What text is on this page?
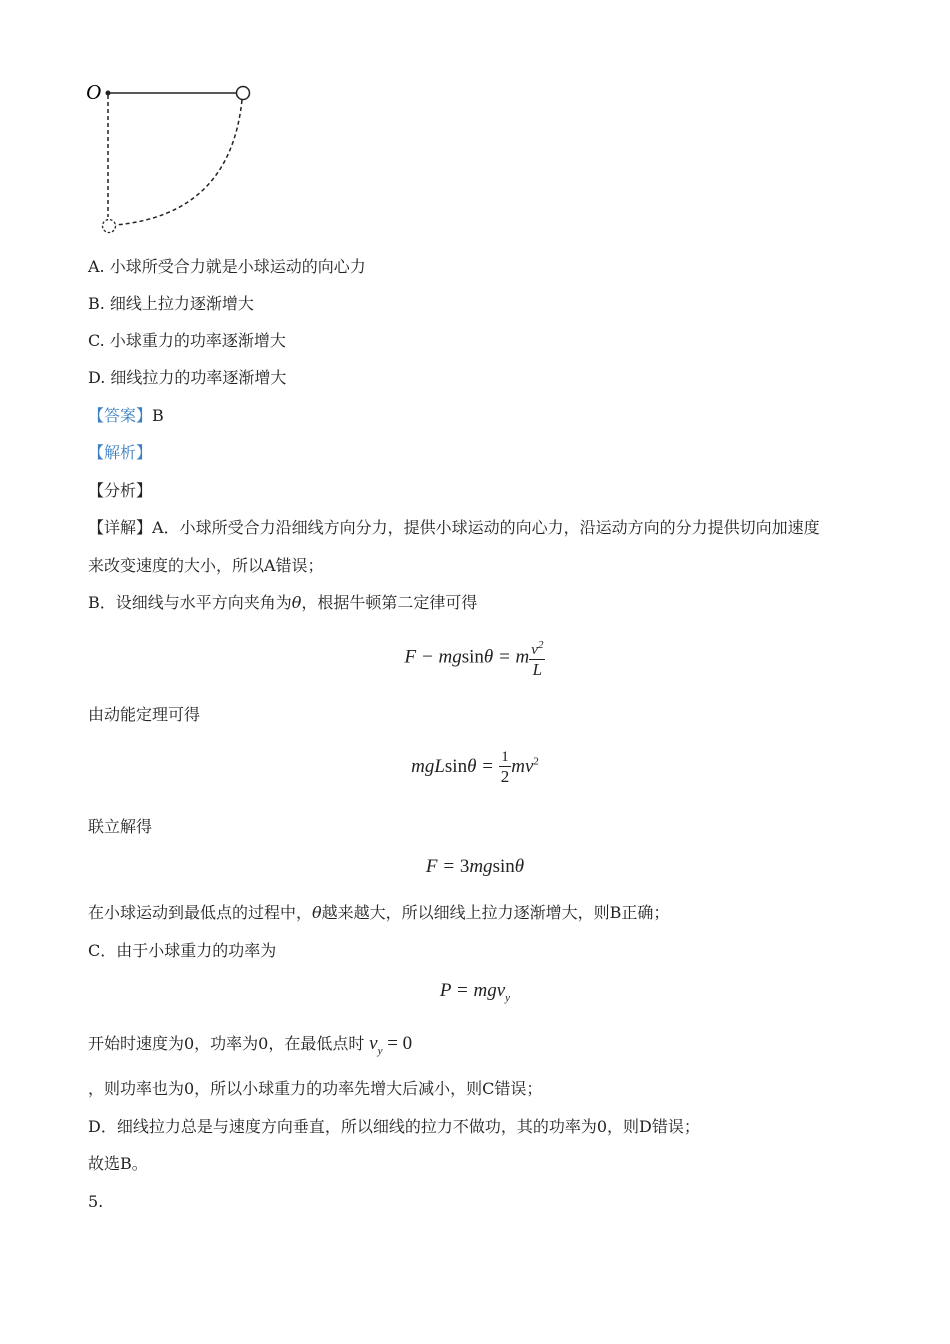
O
A. 小球所受合力就是小球运动的向心力
B. 细线上拉力逐渐增大
C. 小球重力的功率逐渐增大
D. 细线拉力的功率逐渐增大
【答案】B
【解析】
【分析】
【详解】A．小球所受合力沿细线方向分力，提供小球运动的向心力，沿运动方向的分力提供切向加速度
来改变速度的大小，所以A错误；
B．设细线与水平方向夹角为θ，根据牛顿第二定律可得
F − mgsinθ = m $\frac{v^2}{L}$
由动能定理可得
$mgLsin\theta = \frac{1}{2} mv^2$
联立解得
F = 3mgsinθ
在小球运动到最低点的过程中，θ越来越大，所以细线上拉力逐渐增大，则B正确；
C．由于小球重力的功率为
P = mgv$_y$
开始时速度为0，功率为0，在最低点时 $v_y = 0$
，则功率也为0，所以小球重力的功率先增大后减小，则C错误；
D．细线拉力总是与速度方向垂直，所以细线的拉力不做功，其的功率为0，则D错误；
故选B。
5.
